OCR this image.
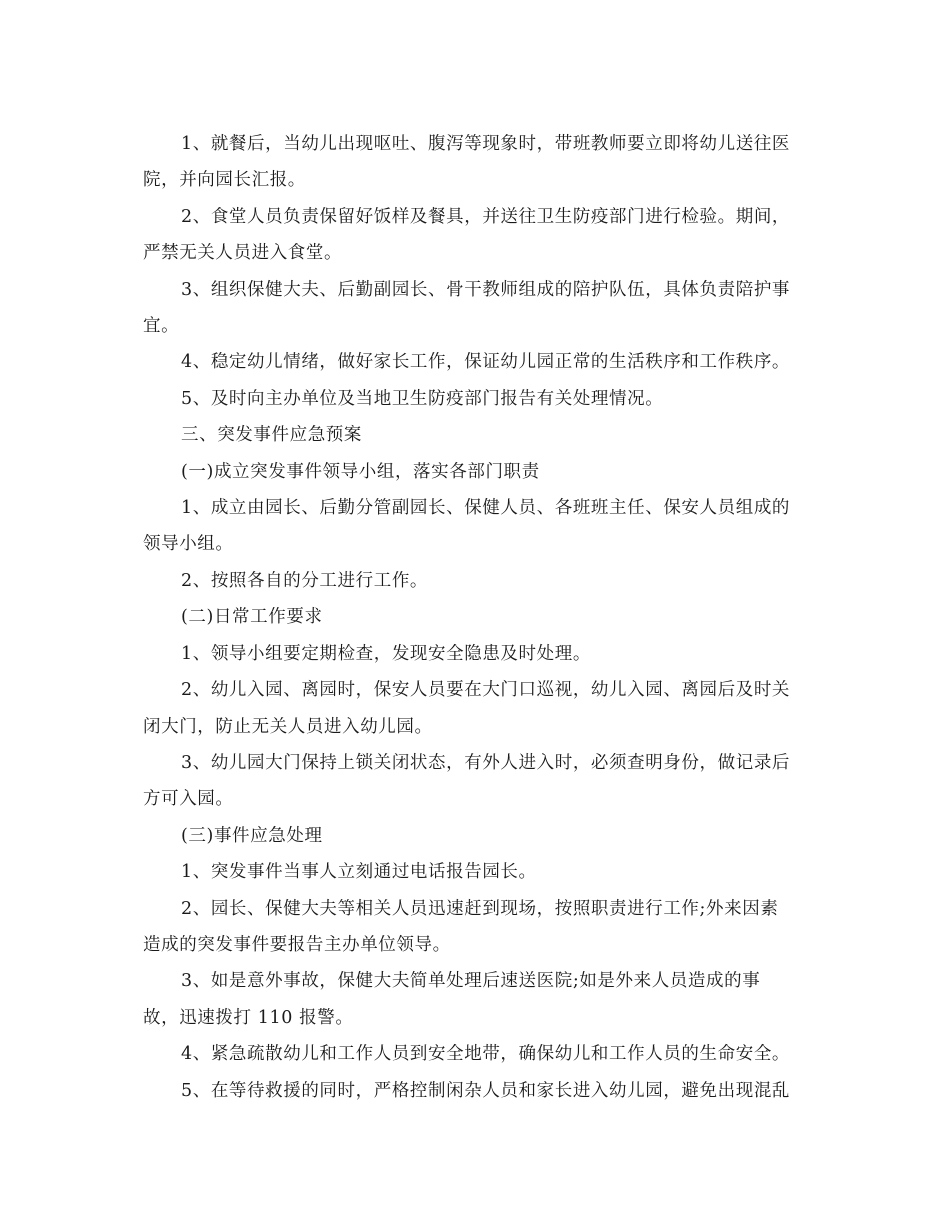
1、就餐后，当幼儿出现呕吐、腹泻等现象时，带班教师要立即将幼儿送往医
院，并向园长汇报。

2、食堂人员负责保留好饭样及餐具，并送往卫生防疫部门进行检验。期间，
严禁无关人员进入食堂。

3、组织保健大夫、后勤副园长、骨干教师组成的陪护队伍，具体负责陪护事
宜。

4、稳定幼儿情绪，做好家长工作，保证幼儿园正常的生活秩序和工作秩序。

5、及时向主办单位及当地卫生防疫部门报告有关处理情况。

三、突发事件应急预案

(一)成立突发事件领导小组，落实各部门职责

1、成立由园长、后勤分管副园长、保健人员、各班班主任、保安人员组成的
领导小组。

2、按照各自的分工进行工作。

(二)日常工作要求

1、领导小组要定期检查，发现安全隐患及时处理。

2、幼儿入园、离园时，保安人员要在大门口巡视，幼儿入园、离园后及时关
闭大门，防止无关人员进入幼儿园。

3、幼儿园大门保持上锁关闭状态，有外人进入时，必须查明身份，做记录后
方可入园。

(三)事件应急处理

1、突发事件当事人立刻通过电话报告园长。

2、园长、保健大夫等相关人员迅速赶到现场，按照职责进行工作;外来因素
造成的突发事件要报告主办单位领导。

3、如是意外事故，保健大夫简单处理后速送医院;如是外来人员造成的事
故，迅速拨打 110 报警。

4、紧急疏散幼儿和工作人员到安全地带，确保幼儿和工作人员的生命安全。

5、在等待救援的同时，严格控制闲杂人员和家长进入幼儿园，避免出现混乱
